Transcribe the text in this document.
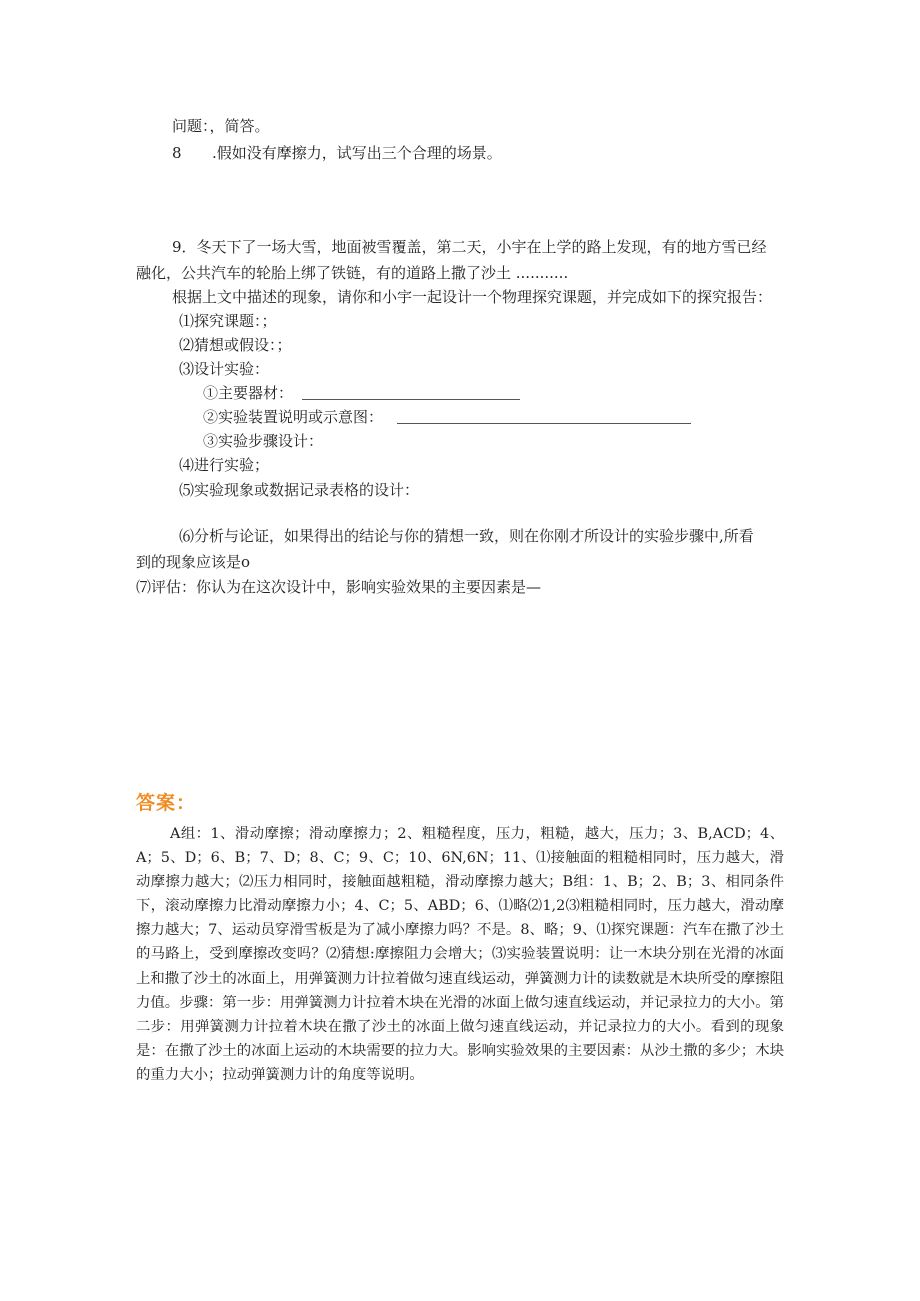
问题：，简答。
8 .假如没有摩擦力，试写出三个合理的场景。
9．冬天下了一场大雪，地面被雪覆盖，第二天，小宇在上学的路上发现，有的地方雪已经
融化，公共汽车的轮胎上绑了铁链，有的道路上撒了沙土 ...........
根据上文中描述的现象，请你和小宇一起设计一个物理探究课题，并完成如下的探究报告：
⑴探究课题：；
⑵猜想或假设：；
⑶设计实验：
①主要器材：
②实验装置说明或示意图：
③实验步骤设计：
⑷进行实验；
⑸实验现象或数据记录表格的设计：
⑹分析与论证，如果得出的结论与你的猜想一致，则在你刚才所设计的实验步骤中,所看
到的现象应该是o
⑺评估：你认为在这次设计中，影响实验效果的主要因素是—
答案：

A组：1、滑动摩擦；滑动摩擦力；2、粗糙程度，压力，粗糙，越大，压力；3、B,ACD；4、A；5、D；6、B；7、D；8、C；9、C；10、6N,6N；11、⑴接触面的粗糙相同时，压力越大，滑动摩擦力越大；⑵压力相同时，接触面越粗糙，滑动摩擦力越大；B组：1、B；2、B；3、相同条件下，滚动摩擦力比滑动摩擦力小；4、C；5、ABD；6、⑴略⑵1,2⑶粗糙相同时，压力越大，滑动摩擦力越大；7、运动员穿滑雪板是为了减小摩擦力吗？不是。8、略；9、⑴探究课题：汽车在撒了沙土的马路上，受到摩擦改变吗？⑵猜想:摩擦阻力会增大；⑶实验装置说明：让一木块分别在光滑的冰面上和撒了沙土的冰面上，用弹簧测力计拉着做匀速直线运动，弹簧测力计的读数就是木块所受的摩擦阻力值。步骤：第一步：用弹簧测力计拉着木块在光滑的冰面上做匀速直线运动，并记录拉力的大小。第二步：用弹簧测力计拉着木块在撒了沙土的冰面上做匀速直线运动，并记录拉力的大小。看到的现象是：在撒了沙土的冰面上运动的木块需要的拉力大。影响实验效果的主要因素：从沙土撒的多少；木块的重力大小；拉动弹簧测力计的角度等说明。
